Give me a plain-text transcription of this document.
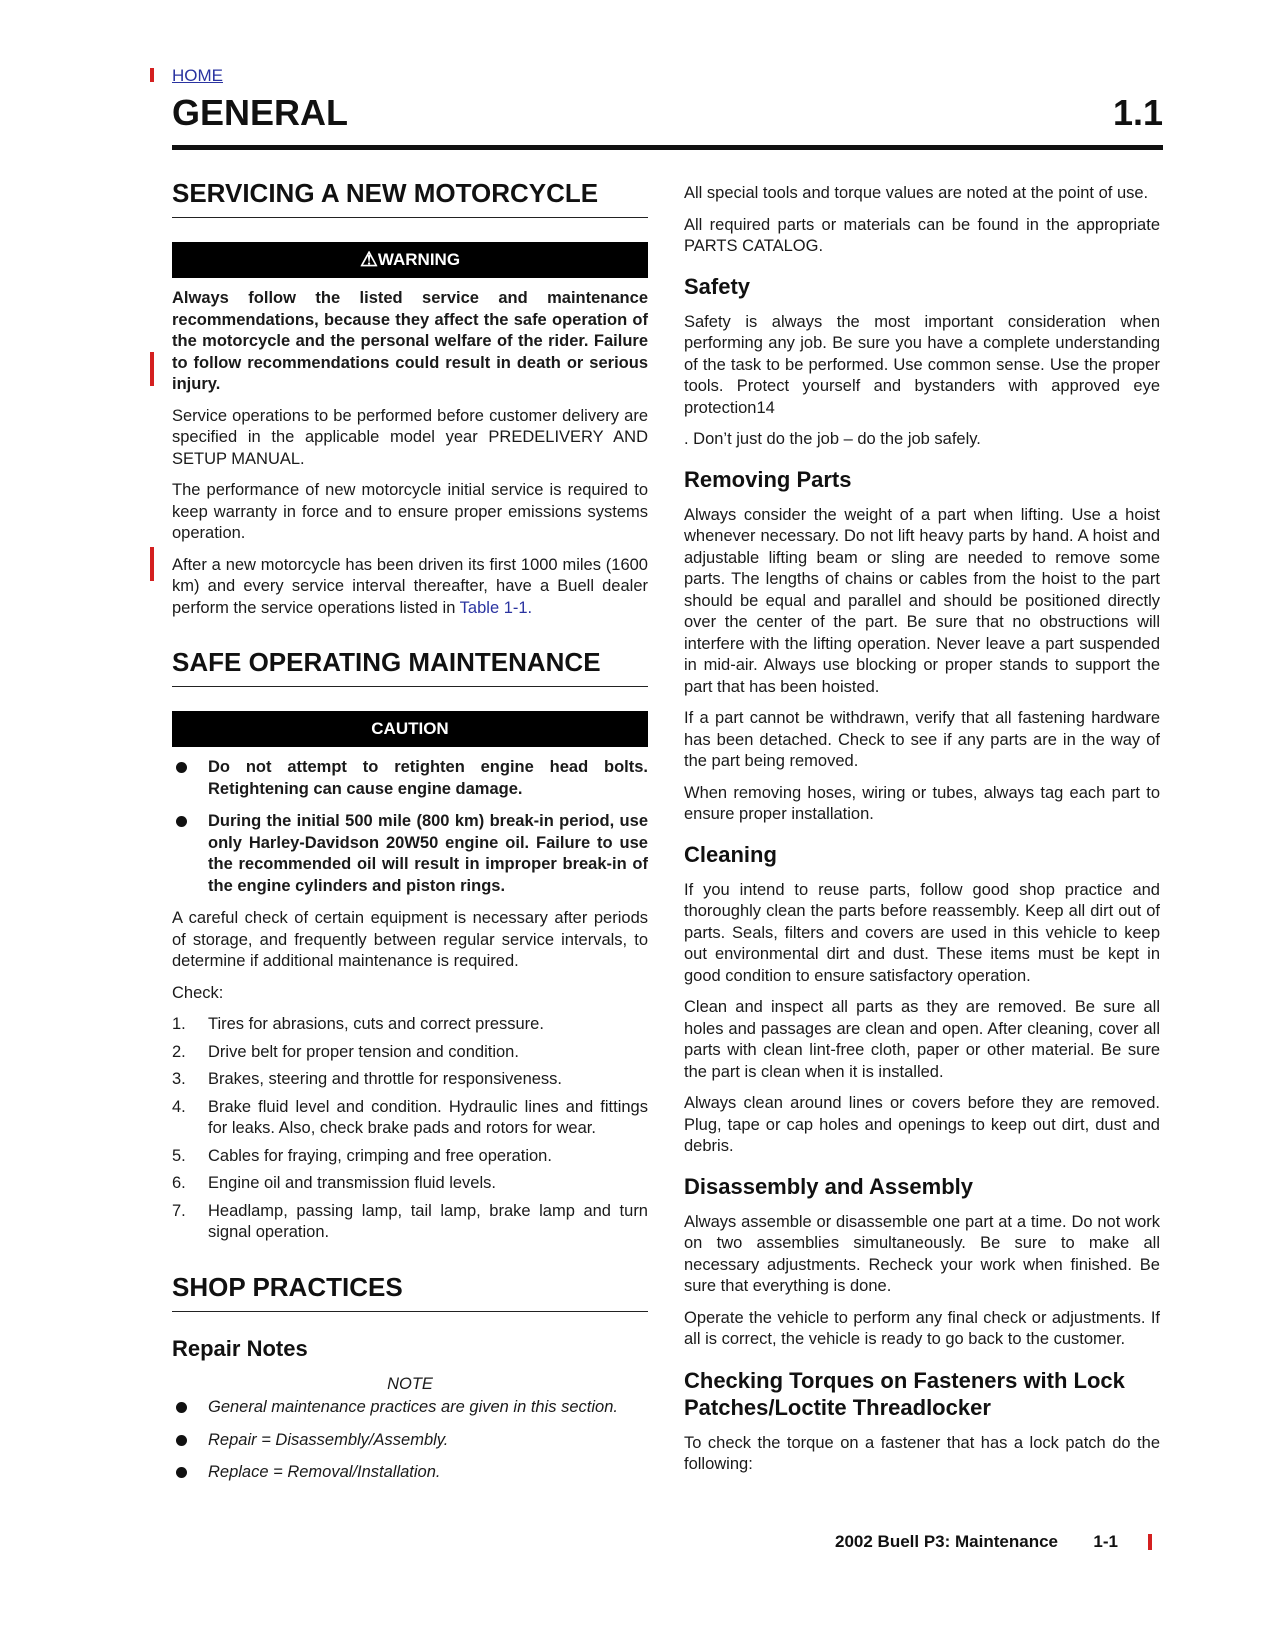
HOME
GENERAL	1.1
SERVICING A NEW MOTORCYCLE
⚠WARNING

Always follow the listed service and maintenance recommendations, because they affect the safe operation of the motorcycle and the personal welfare of the rider. Failure to follow recommendations could result in death or serious injury.

Service operations to be performed before customer delivery are specified in the applicable model year PREDELIVERY AND SETUP MANUAL.

The performance of new motorcycle initial service is required to keep warranty in force and to ensure proper emissions systems operation.

After a new motorcycle has been driven its first 1000 miles (1600 km) and every service interval thereafter, have a Buell dealer perform the service operations listed in Table 1-1.

SAFE OPERATING MAINTENANCE
CAUTION
Do not attempt to retighten engine head bolts. Retightening can cause engine damage.
During the initial 500 mile (800 km) break-in period, use only Harley-Davidson 20W50 engine oil. Failure to use the recommended oil will result in improper break-in of the engine cylinders and piston rings.

A careful check of certain equipment is necessary after periods of storage, and frequently between regular service intervals, to determine if additional maintenance is required.

Check:

1. Tires for abrasions, cuts and correct pressure.
2. Drive belt for proper tension and condition.
3. Brakes, steering and throttle for responsiveness.
4. Brake fluid level and condition. Hydraulic lines and fittings for leaks. Also, check brake pads and rotors for wear.
5. Cables for fraying, crimping and free operation.
6. Engine oil and transmission fluid levels.
7. Headlamp, passing lamp, tail lamp, brake lamp and turn signal operation.
SHOP PRACTICES
Repair Notes

NOTE

General maintenance practices are given in this section.
Repair = Disassembly/Assembly.
Replace = Removal/Installation.

All special tools and torque values are noted at the point of use.

All required parts or materials can be found in the appropriate PARTS CATALOG.

Safety

Safety is always the most important consideration when performing any job. Be sure you have a complete understanding of the task to be performed. Use common sense. Use the proper tools. Protect yourself and bystanders with approved eye protection14

. Don’t just do the job – do the job safely.

Removing Parts

Always consider the weight of a part when lifting. Use a hoist whenever necessary. Do not lift heavy parts by hand. A hoist and adjustable lifting beam or sling are needed to remove some parts. The lengths of chains or cables from the hoist to the part should be equal and parallel and should be positioned directly over the center of the part. Be sure that no obstructions will interfere with the lifting operation. Never leave a part suspended in mid-air. Always use blocking or proper stands to support the part that has been hoisted.

If a part cannot be withdrawn, verify that all fastening hardware has been detached. Check to see if any parts are in the way of the part being removed.

When removing hoses, wiring or tubes, always tag each part to ensure proper installation.

Cleaning

If you intend to reuse parts, follow good shop practice and thoroughly clean the parts before reassembly. Keep all dirt out of parts. Seals, filters and covers are used in this vehicle to keep out environmental dirt and dust. These items must be kept in good condition to ensure satisfactory operation.

Clean and inspect all parts as they are removed. Be sure all holes and passages are clean and open. After cleaning, cover all parts with clean lint-free cloth, paper or other material. Be sure the part is clean when it is installed.

Always clean around lines or covers before they are removed. Plug, tape or cap holes and openings to keep out dirt, dust and debris.

Disassembly and Assembly

Always assemble or disassemble one part at a time. Do not work on two assemblies simultaneously. Be sure to make all necessary adjustments. Recheck your work when finished. Be sure that everything is done.

Operate the vehicle to perform any final check or adjustments. If all is correct, the vehicle is ready to go back to the customer.

Checking Torques on Fasteners with Lock Patches/Loctite Threadlocker

To check the torque on a fastener that has a lock patch do the following:

2002 Buell P3: Maintenance 1-1
